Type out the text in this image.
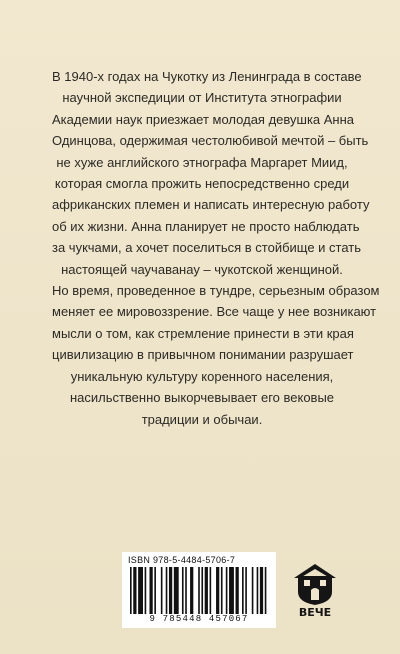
В 1940-х годах на Чукотку из Ленинграда в составе
научной экспедиции от Института этнографии
Академии наук приезжает молодая девушка Анна
Одинцова, одержимая честолюбивой мечтой – быть
не хуже английского этнографа Маргарет Миид,
которая смогла прожить непосредственно среди
африканских племен и написать интересную работу
об их жизни. Анна планирует не просто наблюдать
за чукчами, а хочет поселиться в стойбище и стать
настоящей чаучаванау – чукотской женщиной.
Но время, проведенное в тундре, серьезным образом
меняет ее мировоззрение. Все чаще у нее возникают
мысли о том, как стремление принести в эти края
цивилизацию в привычном понимании разрушает
уникальную культуру коренного населения,
насильственно выкорчевывает его вековые
традиции и обычаи.

ISBN 978-5-4484-5706-7
9 785448 457067	ВЕЧЕ
